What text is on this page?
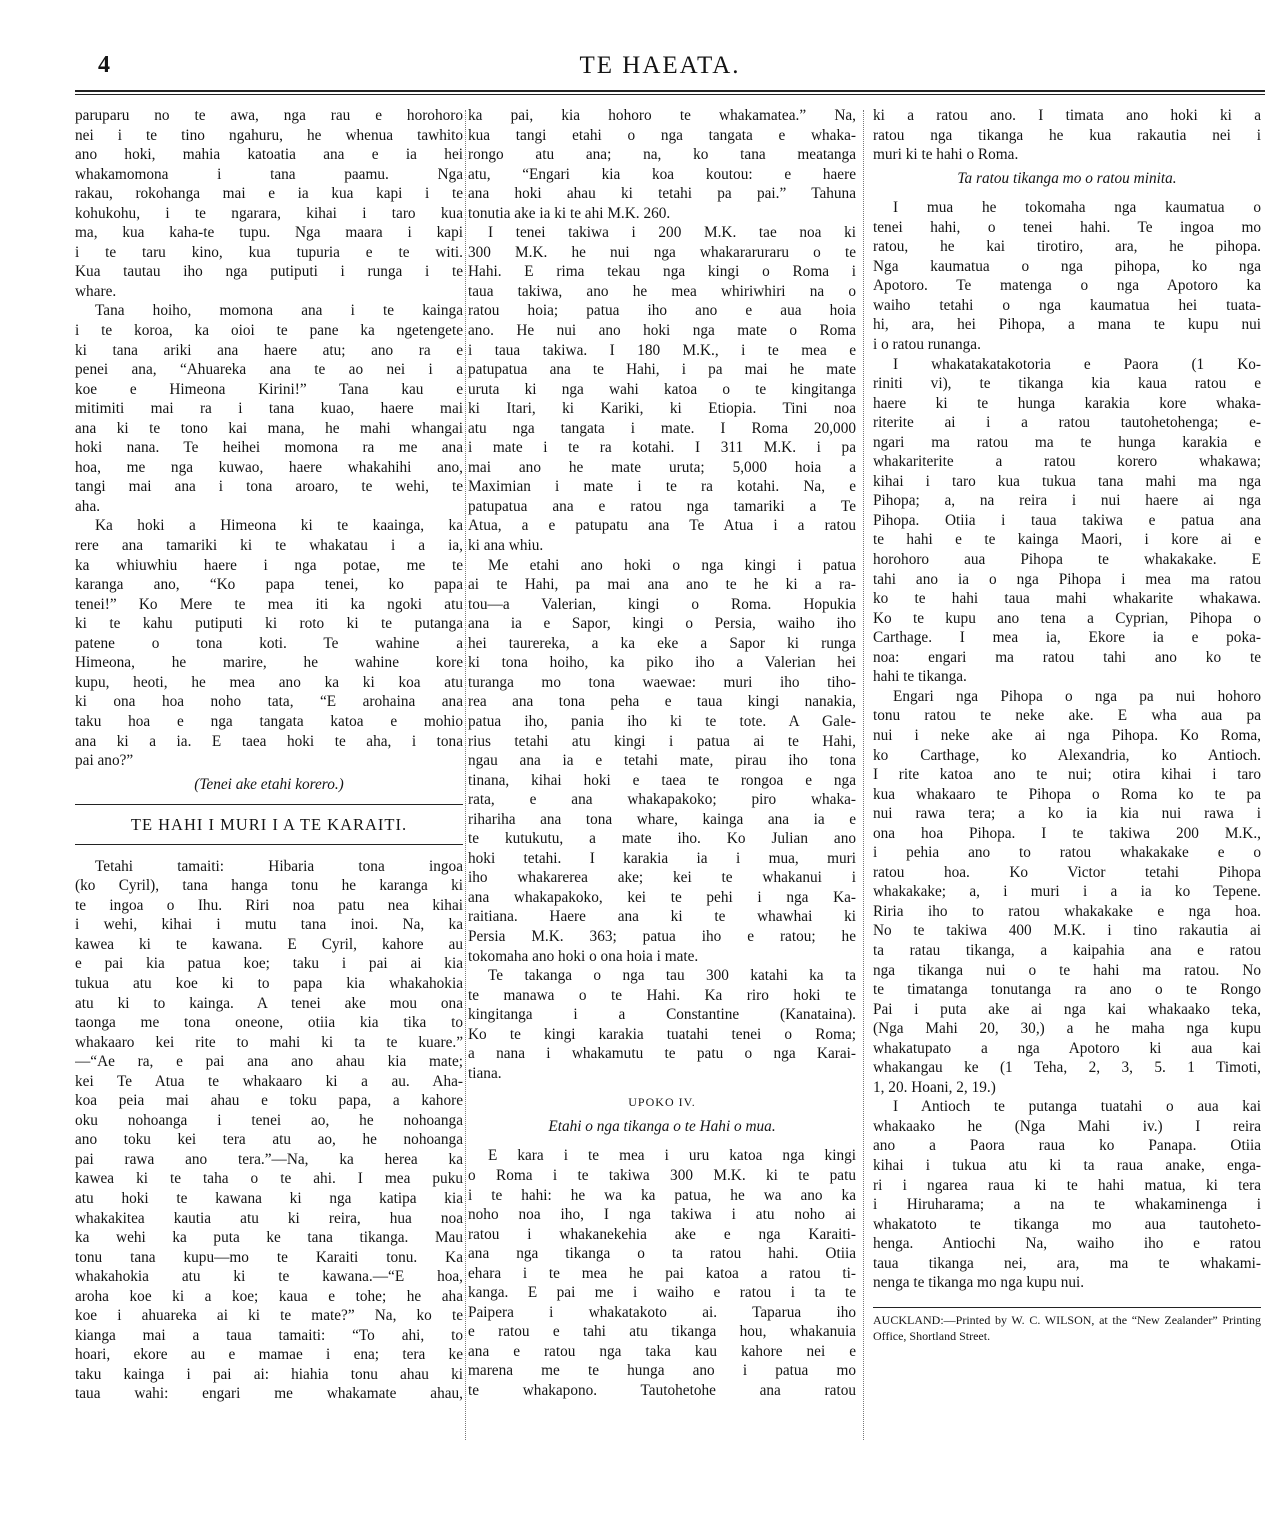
4	TE HAEATA.
paruparu no te awa, nga rau e horohoro
nei i te tino ngahuru, he whenua tawhito
ano hoki, mahia katoatia ana e ia hei
whakamomona i tana paamu. Nga
rakau, rokohanga mai e ia kua kapi i te
kohukohu, i te ngarara, kihai i taro kua
ma, kua kaha-te tupu. Nga maara i kapi
i te taru kino, kua tupuria e te witi.
Kua tautau iho nga putiputi i runga i te
whare.
Tana hoiho, momona ana i te kainga
i te koroa, ka oioi te pane ka ngetengete
ki tana ariki ana haere atu; ano ra e
penei ana, “Ahuareka ana te ao nei i a
koe e Himeona Kirini!” Tana kau e
mitimiti mai ra i tana kuao, haere mai
ana ki te tono kai mana, he mahi whangai
hoki nana. Te heihei momona ra me ana
hoa, me nga kuwao, haere whakahihi ano,
tangi mai ana i tona aroaro, te wehi, te
aha.
Ka hoki a Himeona ki te kaainga, ka
rere ana tamariki ki te whakatau i a ia,
ka whiuwhiu haere i nga potae, me te
karanga ano, “Ko papa tenei, ko papa
tenei!” Ko Mere te mea iti ka ngoki atu
ki te kahu putiputi ki roto ki te putanga
patene o tona koti. Te wahine a
Himeona, he marire, he wahine kore
kupu, heoti, he mea ano ka ki koa atu
ki ona hoa noho tata, “E arohaina ana
taku hoa e nga tangata katoa e mohio
ana ki a ia. E taea hoki te aha, i tona
pai ano?”
(Tenei ake etahi korero.)
TE HAHI I MURI I A TE KARAITI.
Tetahi tamaiti: Hibaria tona ingoa
(ko Cyril), tana hanga tonu he karanga ki
te ingoa o Ihu. Riri noa patu nea kihai
i wehi, kihai i mutu tana inoi. Na, ka
kawea ki te kawana. E Cyril, kahore au
e pai kia patua koe; taku i pai ai kia
tukua atu koe ki to papa kia whakahokia
atu ki to kainga. A tenei ake mou ona
taonga me tona oneone, otiia kia tika to
whakaaro kei rite to mahi ki ta te kuare.”
—“Ae ra, e pai ana ano ahau kia mate;
kei Te Atua te whakaaro ki a au. Aha-
koa peia mai ahau e toku papa, a kahore
oku nohoanga i tenei ao, he nohoanga
ano toku kei tera atu ao, he nohoanga
pai rawa ano tera.”—Na, ka herea ka
kawea ki te taha o te ahi. I mea puku
atu hoki te kawana ki nga katipa kia
whakakitea kautia atu ki reira, hua noa
ka wehi ka puta ke tana tikanga. Mau
tonu tana kupu—mo te Karaiti tonu. Ka
whakahokia atu ki te kawana.—“E hoa,
aroha koe ki a koe; kaua e tohe; he aha
koe i ahuareka ai ki te mate?” Na, ko te
kianga mai a taua tamaiti: “To ahi, to
hoari, ekore au e mamae i ena; tera ke
taku kainga i pai ai: hiahia tonu ahau ki
taua wahi: engari me whakamate ahau,
ka pai, kia hohoro te whakamatea.” Na,
kua tangi etahi o nga tangata e whaka-
rongo atu ana; na, ko tana meatanga
atu, “Engari kia koa koutou: e haere
ana hoki ahau ki tetahi pa pai.” Tahuna
tonutia ake ia ki te ahi M.K. 260.
I tenei takiwa i 200 M.K. tae noa ki
300 M.K. he nui nga whakararuraru o te
Hahi. E rima tekau nga kingi o Roma i
taua takiwa, ano he mea whiriwhiri na o
ratou hoia; patua iho ano e aua hoia
ano. He nui ano hoki nga mate o Roma
i taua takiwa. I 180 M.K., i te mea e
patupatua ana te Hahi, i pa mai he mate
uruta ki nga wahi katoa o te kingitanga
ki Itari, ki Kariki, ki Etiopia. Tini noa
atu nga tangata i mate. I Roma 20,000
i mate i te ra kotahi. I 311 M.K. i pa
mai ano he mate uruta; 5,000 hoia a
Maximian i mate i te ra kotahi. Na, e
patupatua ana e ratou nga tamariki a Te
Atua, a e patupatu ana Te Atua i a ratou
ki ana whiu.
Me etahi ano hoki o nga kingi i patua
ai te Hahi, pa mai ana ano te he ki a ra-
tou—a Valerian, kingi o Roma. Hopukia
ana ia e Sapor, kingi o Persia, waiho iho
hei taurereka, a ka eke a Sapor ki runga
ki tona hoiho, ka piko iho a Valerian hei
turanga mo tona waewae: muri iho tiho-
rea ana tona peha e taua kingi nanakia,
patua iho, pania iho ki te tote. A Gale-
rius tetahi atu kingi i patua ai te Hahi,
ngau ana ia e tetahi mate, pirau iho tona
tinana, kihai hoki e taea te rongoa e nga
rata, e ana whakapakoko; piro whaka-
rihariha ana tona whare, kainga ana ia e
te kutukutu, a mate iho. Ko Julian ano
hoki tetahi. I karakia ia i mua, muri
iho whakarerea ake; kei te whakanui i
ana whakapakoko, kei te pehi i nga Ka-
raitiana. Haere ana ki te whawhai ki
Persia M.K. 363; patua iho e ratou; he
tokomaha ano hoki o ona hoia i mate.
Te takanga o nga tau 300 katahi ka ta
te manawa o te Hahi. Ka riro hoki te
kingitanga i a Constantine (Kanataina).
Ko te kingi karakia tuatahi tenei o Roma;
a nana i whakamutu te patu o nga Karai-
tiana.
UPOKO IV.
Etahi o nga tikanga o te Hahi o mua.
E kara i te mea i uru katoa nga kingi
o Roma i te takiwa 300 M.K. ki te patu
i te hahi: he wa ka patua, he wa ano ka
noho noa iho, I nga takiwa i atu noho ai
ratou i whakanekehia ake e nga Karaiti-
ana nga tikanga o ta ratou hahi. Otiia
ehara i te mea he pai katoa a ratou ti-
kanga. E pai me i waiho e ratou i ta te
Paipera i whakatakoto ai. Taparua iho
e ratou e tahi atu tikanga hou, whakanuia
ana e ratou nga taka kau kahore nei e
marena me te hunga ano i patua mo
te whakapono. Tautohetohe ana ratou
ki a ratou ano. I timata ano hoki ki a
ratou nga tikanga he kua rakautia nei i
muri ki te hahi o Roma.
Ta ratou tikanga mo o ratou minita.
I mua he tokomaha nga kaumatua o
tenei hahi, o tenei hahi. Te ingoa mo
ratou, he kai tirotiro, ara, he pihopa.
Nga kaumatua o nga pihopa, ko nga
Apotoro. Te matenga o nga Apotoro ka
waiho tetahi o nga kaumatua hei tuata-
hi, ara, hei Pihopa, a mana te kupu nui
i o ratou runanga.
I whakatakatakotoria e Paora (1 Ko-
riniti vi), te tikanga kia kaua ratou e
haere ki te hunga karakia kore whaka-
riterite ai i a ratou tautohetohenga; e-
ngari ma ratou ma te hunga karakia e
whakariterite a ratou korero whakawa;
kihai i taro kua tukua tana mahi ma nga
Pihopa; a, na reira i nui haere ai nga
Pihopa. Otiia i taua takiwa e patua ana
te hahi e te kainga Maori, i kore ai e
horohoro aua Pihopa te whakakake. E
tahi ano ia o nga Pihopa i mea ma ratou
ko te hahi taua mahi whakarite whakawa.
Ko te kupu ano tena a Cyprian, Pihopa o
Carthage. I mea ia, Ekore ia e poka-
noa: engari ma ratou tahi ano ko te
hahi te tikanga.
Engari nga Pihopa o nga pa nui hohoro
tonu ratou te neke ake. E wha aua pa
nui i neke ake ai nga Pihopa. Ko Roma,
ko Carthage, ko Alexandria, ko Antioch.
I rite katoa ano te nui; otira kihai i taro
kua whakaaro te Pihopa o Roma ko te pa
nui rawa tera; a ko ia kia nui rawa i
ona hoa Pihopa. I te takiwa 200 M.K.,
i pehia ano to ratou whakakake e o
ratou hoa. Ko Victor tetahi Pihopa
whakakake; a, i muri i a ia ko Tepene.
Riria iho to ratou whakakake e nga hoa.
No te takiwa 400 M.K. i tino rakautia ai
ta ratau tikanga, a kaipahia ana e ratou
nga tikanga nui o te hahi ma ratou. No
te timatanga tonutanga ra ano o te Rongo
Pai i puta ake ai nga kai whakaako teka,
(Nga Mahi 20, 30,) a he maha nga kupu
whakatupato a nga Apotoro ki aua kai
whakangau ke (1 Teha, 2, 3, 5. 1 Timoti,
1, 20. Hoani, 2, 19.)
I Antioch te putanga tuatahi o aua kai
whakaako he (Nga Mahi iv.) I reira
ano a Paora raua ko Panapa. Otiia
kihai i tukua atu ki ta raua anake, enga-
ri i ngarea raua ki te hahi matua, ki tera
i Hiruharama; a na te whakaminenga i
whakatoto te tikanga mo aua tautoheto-
henga. Antiochi Na, waiho iho e ratou
taua tikanga nei, ara, ma te whakami-
nenga te tikanga mo nga kupu nui.
AUCKLAND:—Printed by W. C. WILSON, at the “New Zealander” Printing Office, Shortland Street.
